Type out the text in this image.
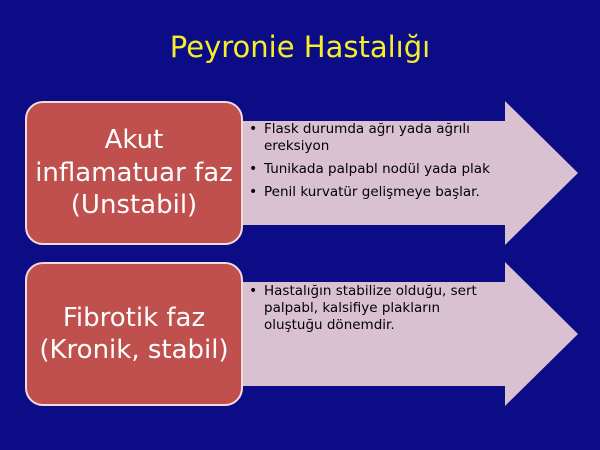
Peyronie Hastalığı
Akut inflamatuar faz (Unstabil)
• Flask durumda ağrı yada ağrılı ereksiyon
• Tunikada palpabl nodül yada plak
• Penil kurvatür gelişmeye başlar.
Fibrotik faz (Kronik, stabil)
• Hastalığın stabilize olduğu, sert palpabl, kalsifiye plakların oluştuğu dönemdir.
